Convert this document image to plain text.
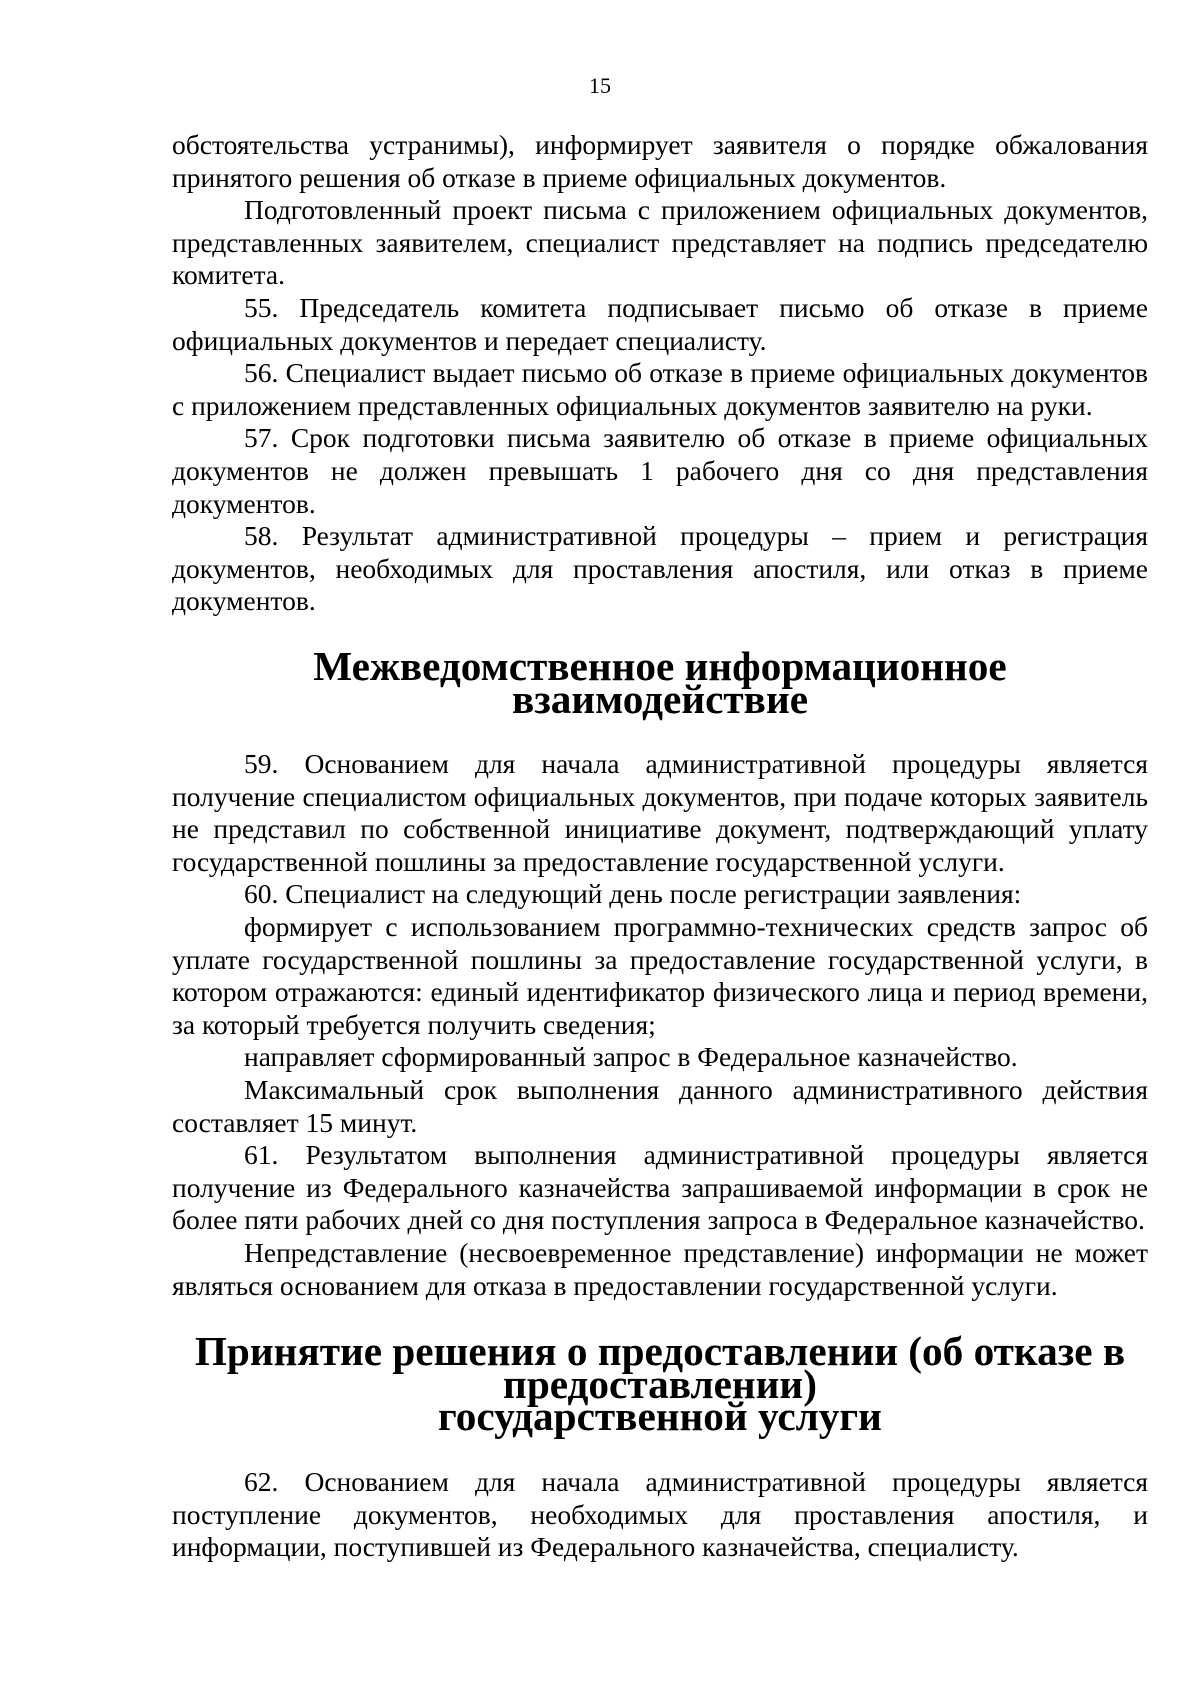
15

обстоятельства устранимы), информирует заявителя о порядке обжалования принятого решения об отказе в приеме официальных документов.

Подготовленный проект письма с приложением официальных документов, представленных заявителем, специалист представляет на подпись председателю комитета.

55. Председатель комитета подписывает письмо об отказе в приеме официальных документов и передает специалисту.

56. Специалист выдает письмо об отказе в приеме официальных документов с приложением представленных официальных документов заявителю на руки.

57. Срок подготовки письма заявителю об отказе в приеме официальных документов не должен превышать 1 рабочего дня со дня представления документов.

58. Результат административной процедуры – прием и регистрация документов, необходимых для проставления апостиля, или отказ в приеме документов.

Межведомственное информационное взаимодействие

59. Основанием для начала административной процедуры является получение специалистом официальных документов, при подаче которых заявитель не представил по собственной инициативе документ, подтверждающий уплату государственной пошлины за предоставление государственной услуги.

60. Специалист на следующий день после регистрации заявления:

формирует с использованием программно-технических средств запрос об уплате государственной пошлины за предоставление государственной услуги, в котором отражаются: единый идентификатор физического лица и период времени, за который требуется получить сведения;

направляет сформированный запрос в Федеральное казначейство.

Максимальный срок выполнения данного административного действия составляет 15 минут.

61. Результатом выполнения административной процедуры является получение из Федерального казначейства запрашиваемой информации в срок не более пяти рабочих дней со дня поступления запроса в Федеральное казначейство.

Непредставление (несвоевременное представление) информации не может являться основанием для отказа в предоставлении государственной услуги.

Принятие решения о предоставлении (об отказе в предоставлении)
государственной услуги

62. Основанием для начала административной процедуры является поступление документов, необходимых для проставления апостиля, и информации, поступившей из Федерального казначейства, специалисту.
